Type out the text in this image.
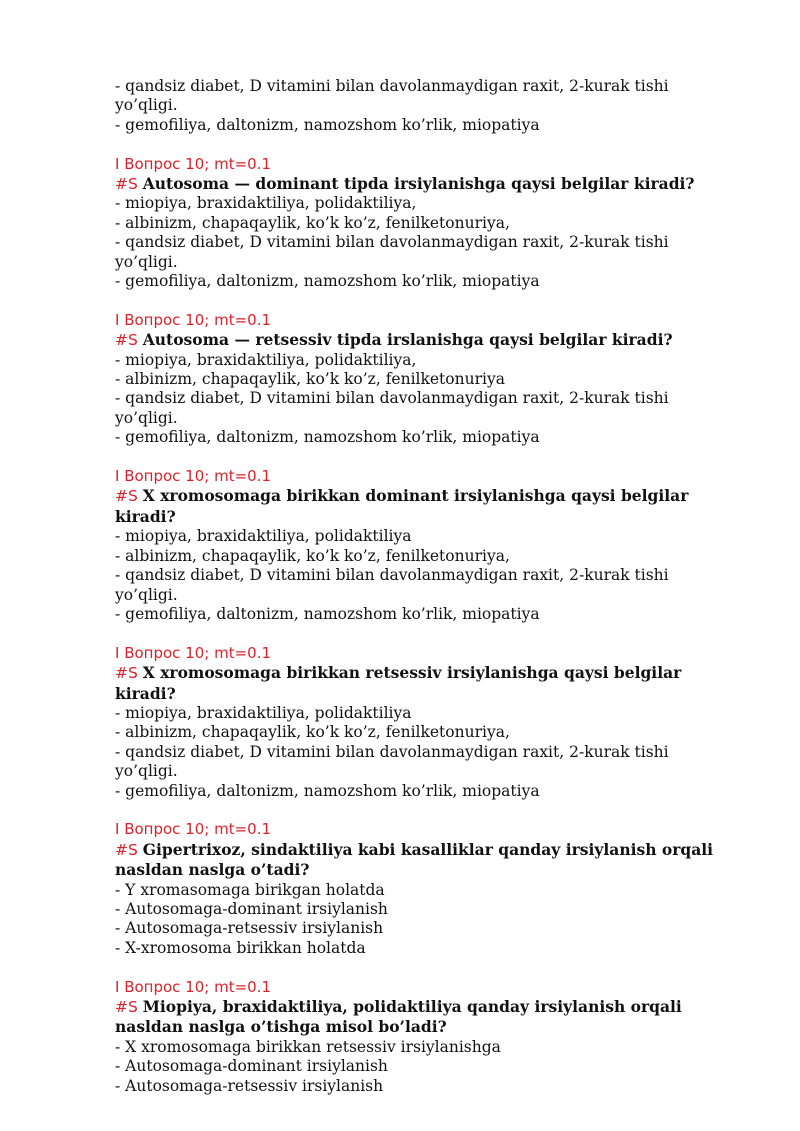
- qandsiz diabet, D vitamini bilan davolanmaydigan raxit, 2-kurak tishi yo’qligi.
- gemofiliya, daltonizm, namozshom ko’rlik, miopatiya
I Вопрос 10; mt=0.1
#S Autosoma — dominant tipda irsiylanishga qaysi belgilar kiradi?
- miopiya, braxidaktiliya, polidaktiliya,
- albinizm, chapaqaylik, ko’k ko’z, fenilketonuriya,
- qandsiz diabet, D vitamini bilan davolanmaydigan raxit, 2-kurak tishi yo’qligi.
- gemofiliya, daltonizm, namozshom ko’rlik, miopatiya
I Вопрос 10; mt=0.1
#S Autosoma — retsessiv tipda irslanishga qaysi belgilar kiradi?
- miopiya, braxidaktiliya, polidaktiliya,
- albinizm, chapaqaylik, ko’k ko’z, fenilketonuriya
- qandsiz diabet, D vitamini bilan davolanmaydigan raxit, 2-kurak tishi yo’qligi.
- gemofiliya, daltonizm, namozshom ko’rlik, miopatiya
I Вопрос 10; mt=0.1
#S X xromosomaga birikkan dominant irsiylanishga qaysi belgilar kiradi?
- miopiya, braxidaktiliya, polidaktiliya
- albinizm, chapaqaylik, ko’k ko’z, fenilketonuriya,
- qandsiz diabet, D vitamini bilan davolanmaydigan raxit, 2-kurak tishi yo’qligi.
- gemofiliya, daltonizm, namozshom ko’rlik, miopatiya
I Вопрос 10; mt=0.1
#S X xromosomaga birikkan retsessiv irsiylanishga qaysi belgilar kiradi?
- miopiya, braxidaktiliya, polidaktiliya
- albinizm, chapaqaylik, ko’k ko’z, fenilketonuriya,
- qandsiz diabet, D vitamini bilan davolanmaydigan raxit, 2-kurak tishi yo’qligi.
- gemofiliya, daltonizm, namozshom ko’rlik, miopatiya
I Вопрос 10; mt=0.1
#S Gipertrixoz, sindaktiliya kabi kasalliklar qanday irsiylanish orqali nasldan naslga o’tadi?
- Y xromasomaga birikgan holatda
- Autosomaga-dominant irsiylanish
- Autosomaga-retsessiv irsiylanish
- X-xromosoma birikkan holatda
I Вопрос 10; mt=0.1
#S Miopiya, braxidaktiliya, polidaktiliya qanday irsiylanish orqali nasldan naslga o’tishga misol bo’ladi?
- X xromosomaga birikkan retsessiv irsiylanishga
- Autosomaga-dominant irsiylanish
- Autosomaga-retsessiv irsiylanish
